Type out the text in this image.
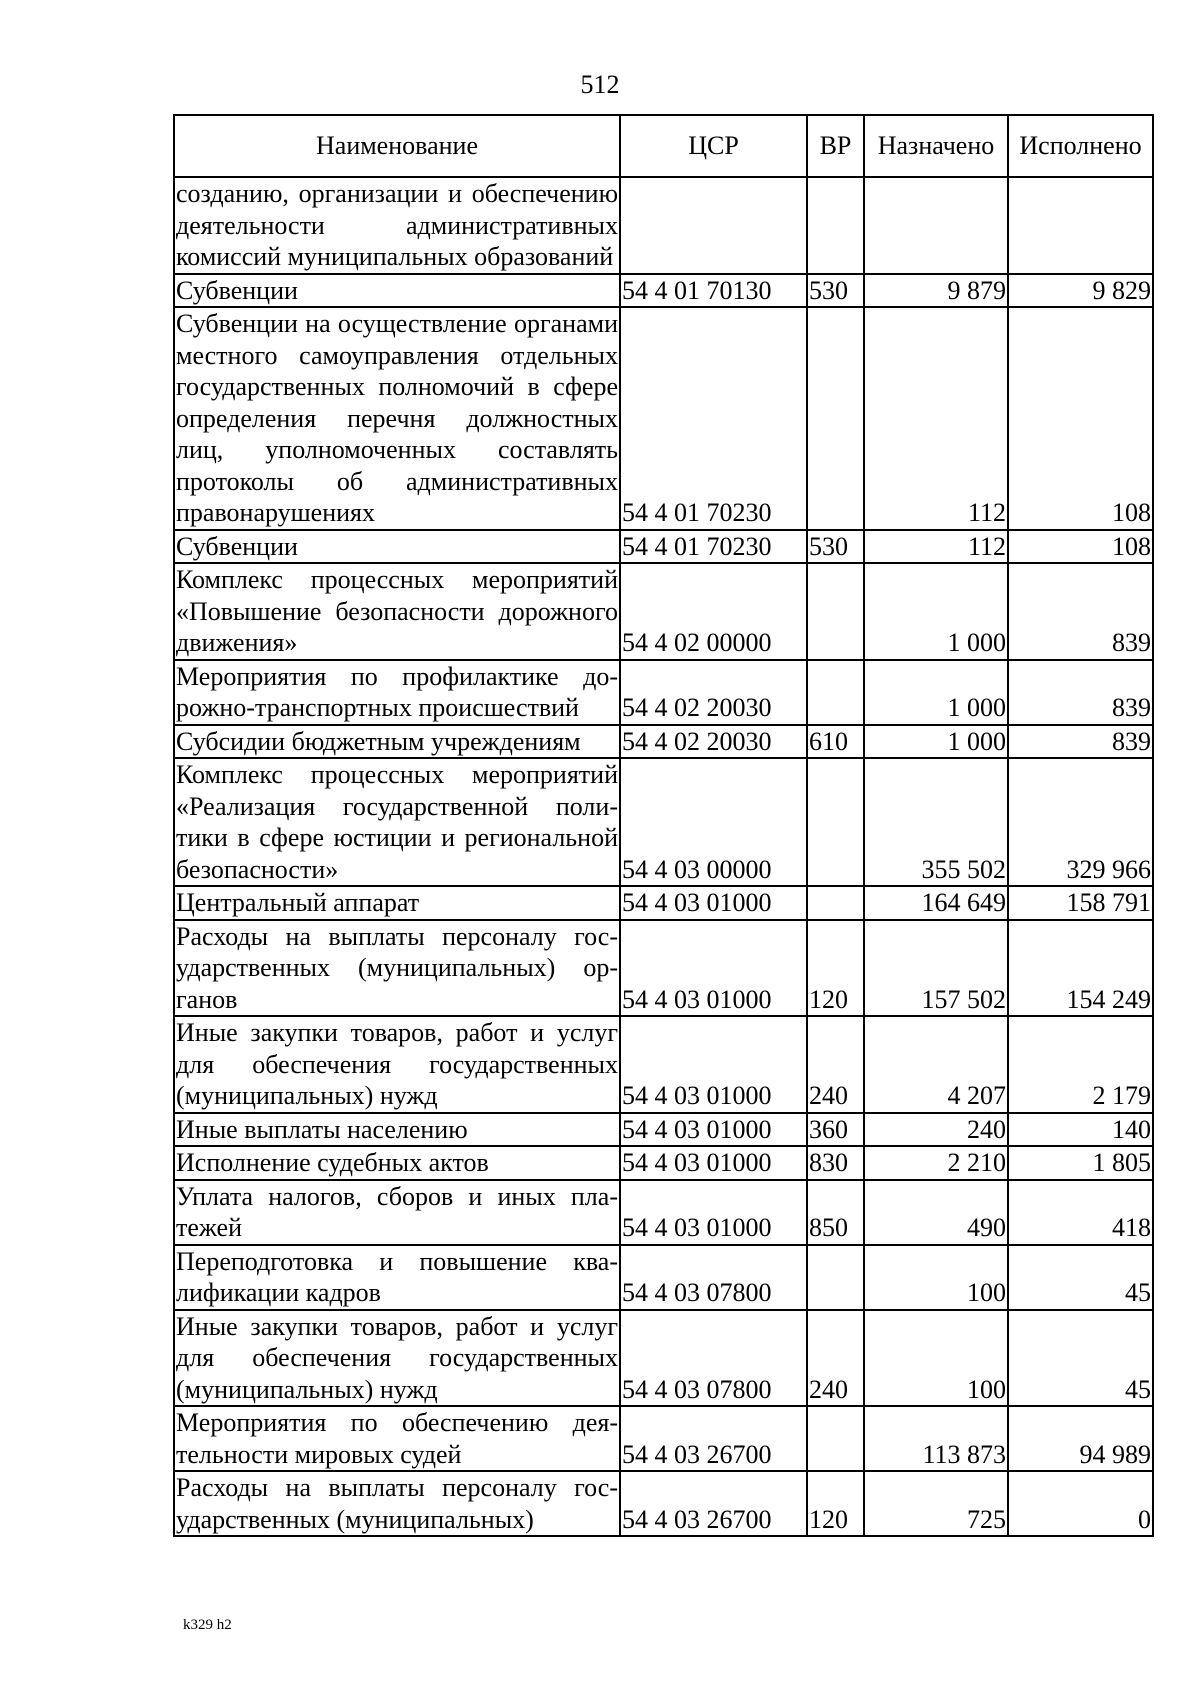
512
Наименование	ЦСР	ВР	Назначено	Исполнено
созданию, организации и обеспечению деятельности административных комиссий муниципальных образований				
Субвенции	54 4 01 70130	530	9 879	9 829
Субвенции на осуществление органами местного самоуправления отдельных государственных полномочий в сфере определения перечня должностных лиц, уполномоченных составлять протоколы об административных правонарушениях	54 4 01 70230		112	108
Субвенции	54 4 01 70230	530	112	108
Комплекс процессных мероприятий «Повышение безопасности дорожного движения»	54 4 02 00000		1 000	839
Мероприятия по профилактике дорожно-транспортных происшествий	54 4 02 20030		1 000	839
Субсидии бюджетным учреждениям	54 4 02 20030	610	1 000	839
Комплекс процессных мероприятий «Реализация государственной политики в сфере юстиции и региональной безопасности»	54 4 03 00000		355 502	329 966
Центральный аппарат	54 4 03 01000		164 649	158 791
Расходы на выплаты персоналу государственных (муниципальных) органов	54 4 03 01000	120	157 502	154 249
Иные закупки товаров, работ и услуг для обеспечения государственных (муниципальных) нужд	54 4 03 01000	240	4 207	2 179
Иные выплаты населению	54 4 03 01000	360	240	140
Исполнение судебных актов	54 4 03 01000	830	2 210	1 805
Уплата налогов, сборов и иных платежей	54 4 03 01000	850	490	418
Переподготовка и повышение квалификации кадров	54 4 03 07800		100	45
Иные закупки товаров, работ и услуг для обеспечения государственных (муниципальных) нужд	54 4 03 07800	240	100	45
Мероприятия по обеспечению деятельности мировых судей	54 4 03 26700		113 873	94 989
Расходы на выплаты персоналу государственных (муниципальных)	54 4 03 26700	120	725	0
k329 h2
